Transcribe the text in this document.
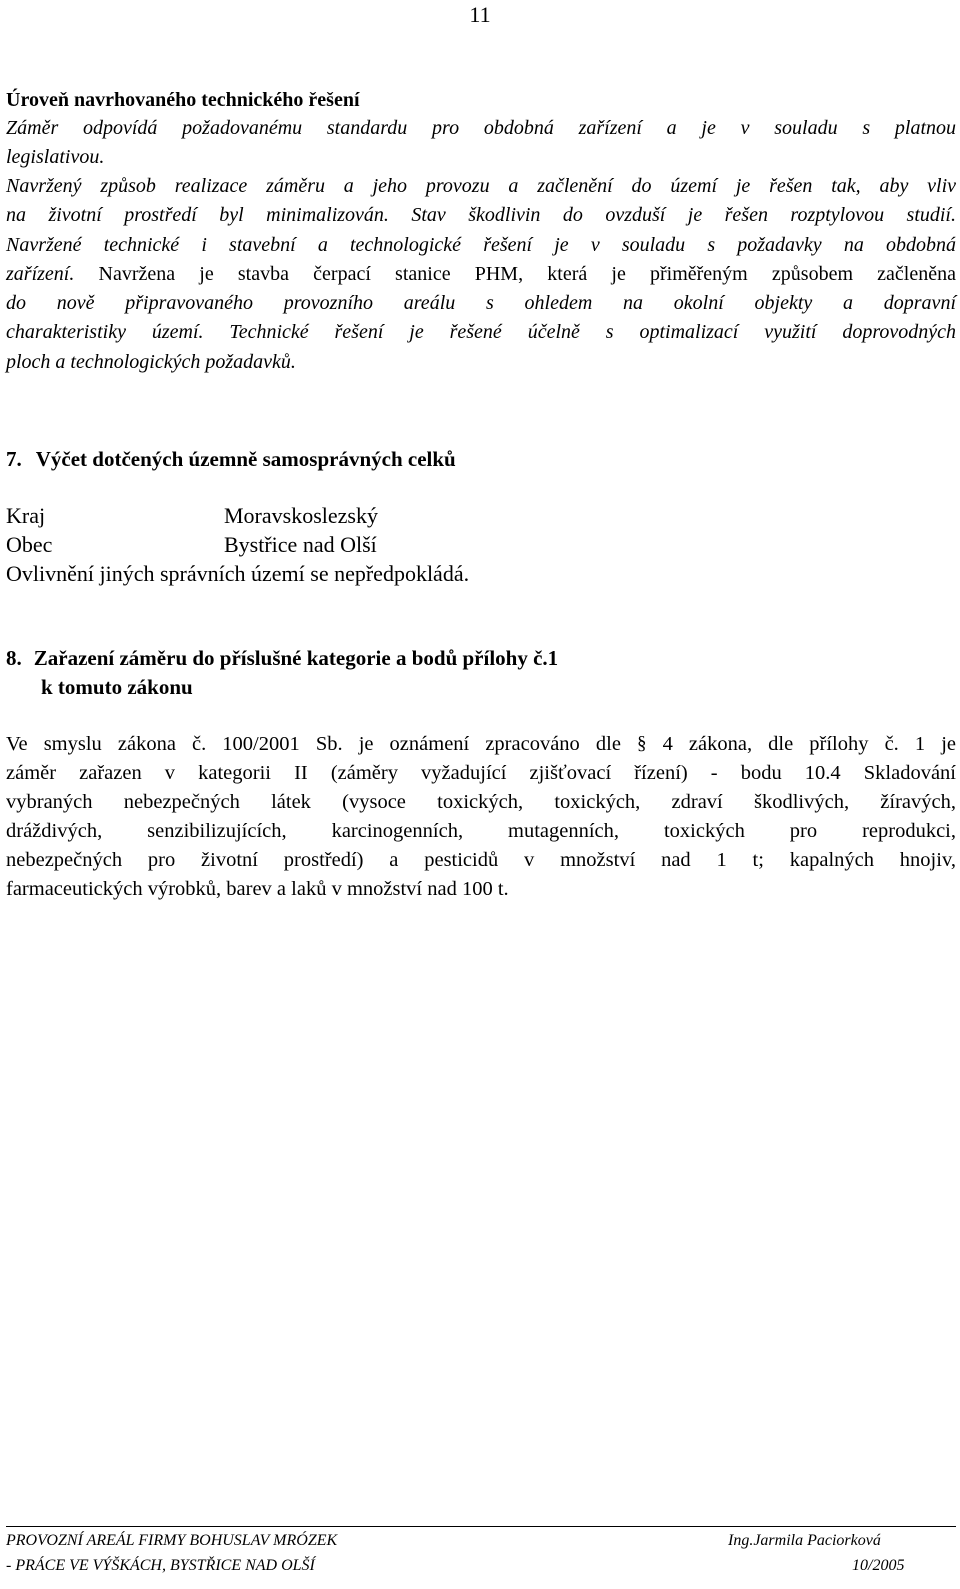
11
Úroveň navrhovaného technického řešení
Záměr odpovídá požadovanému standardu pro obdobná zařízení a je v souladu s platnou
legislativou.
Navržený způsob realizace záměru a jeho provozu a začlenění do území je řešen tak, aby vliv
na životní prostředí byl minimalizován. Stav škodlivin do ovzduší je řešen rozptylovou studií.
Navržené technické i stavební a technologické řešení je v souladu s požadavky na obdobná
zařízení. Navržena je stavba čerpací stanice PHM, která je přiměřeným způsobem začleněna
do nově připravovaného provozního areálu s ohledem na okolní objekty a dopravní
charakteristiky území. Technické řešení je řešené účelně s optimalizací využití doprovodných
ploch a technologických požadavků.
7. Výčet dotčených územně samosprávných celků
Kraj	Moravskoslezský
Obec	Bystřice nad Olší
Ovlivnění jiných správních území se nepředpokládá.
8. Zařazení záměru do příslušné kategorie a bodů přílohy č.1
k tomuto zákonu
Ve smyslu zákona č. 100/2001 Sb. je oznámení zpracováno dle § 4 zákona, dle přílohy č. 1 je
záměr zařazen v kategorii II (záměry vyžadující zjišťovací řízení) - bodu 10.4 Skladování
vybraných nebezpečných látek (vysoce toxických, toxických, zdraví škodlivých, žíravých,
dráždivých, senzibilizujících, karcinogenních, mutagenních, toxických pro reprodukci,
nebezpečných pro životní prostředí) a pesticidů v množství nad 1 t; kapalných hnojiv,
farmaceutických výrobků, barev a laků v množství nad 100 t.
PROVOZNÍ AREÁL FIRMY BOHUSLAV MRÓZEK	Ing.Jarmila Paciorková
- PRÁCE VE VÝŠKÁCH, BYSTŘICE NAD OLŠÍ	10/2005
